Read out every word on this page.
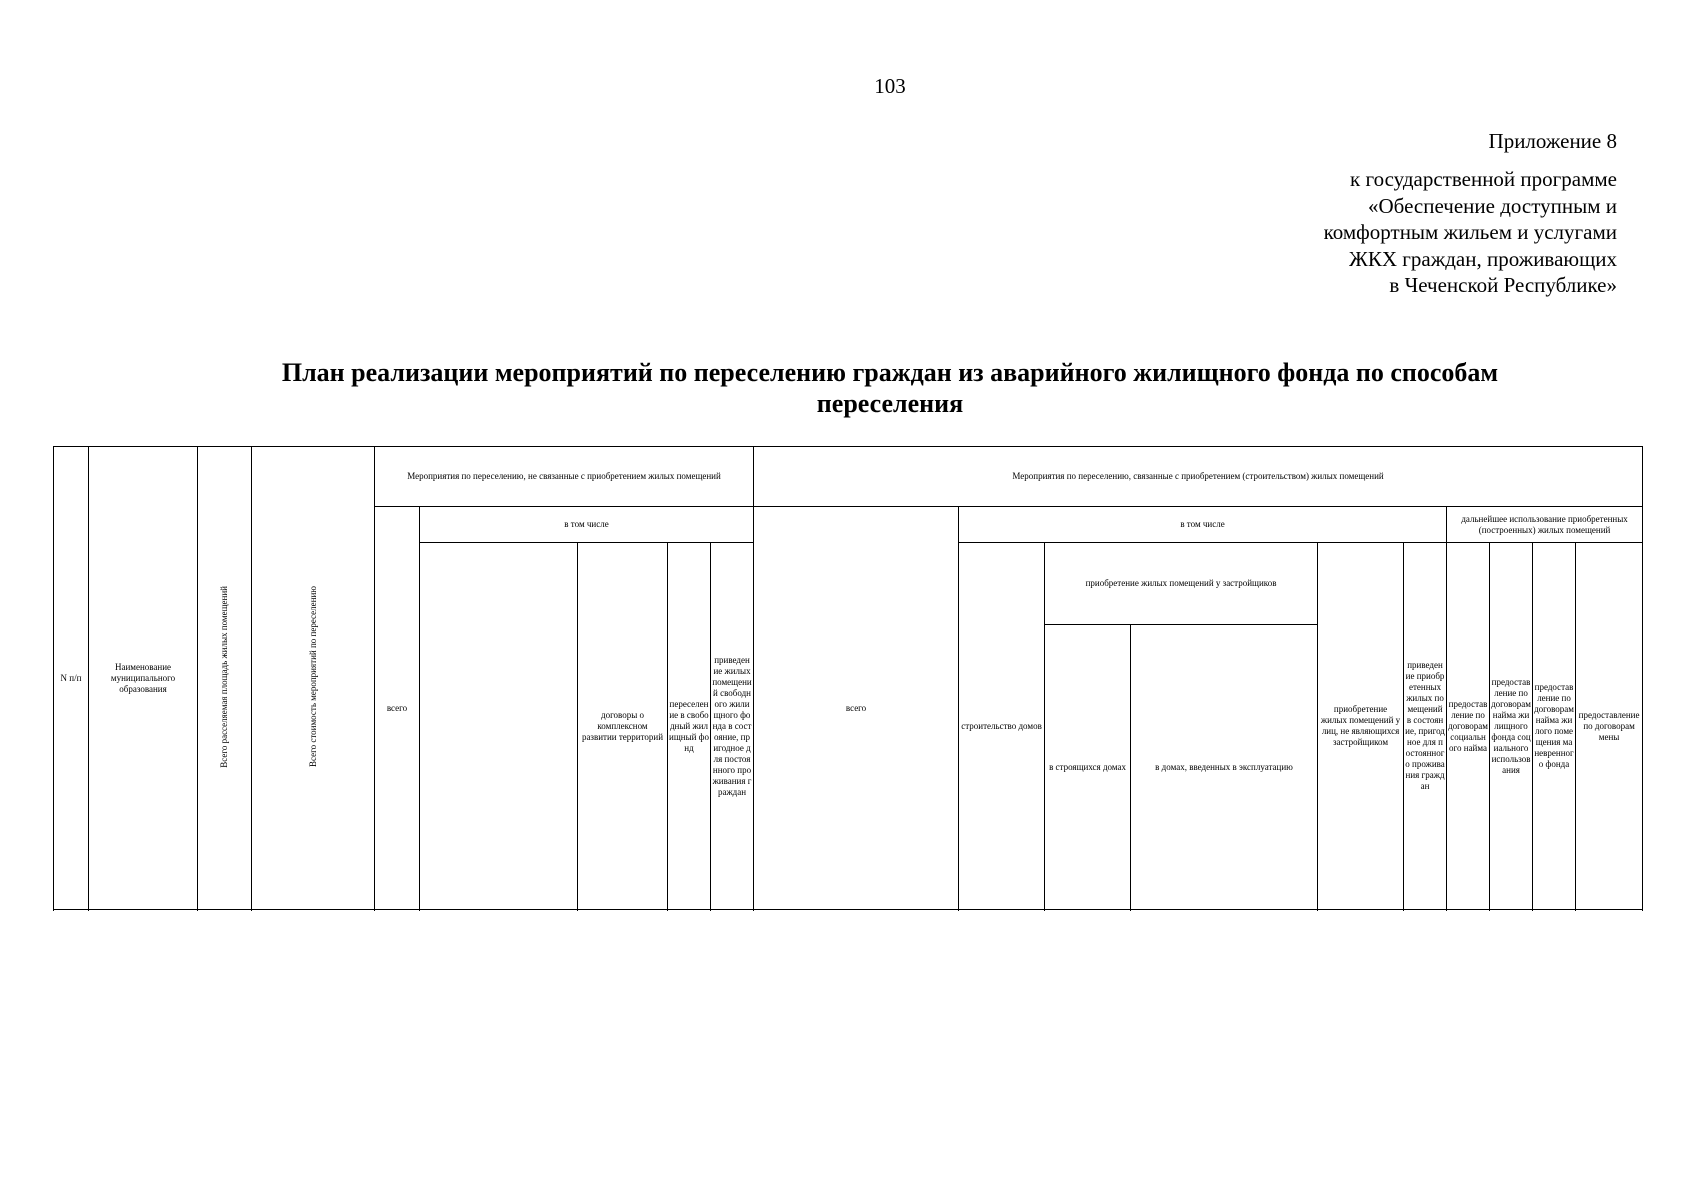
103
Приложение 8
к государственной программе
«Обеспечение доступным и
комфортным жильем и услугами
ЖКХ граждан, проживающих
в Чеченской Республике»
План реализации мероприятий по переселению граждан из аварийного жилищного фонда по способам
переселения
N п/п	Наименование муниципального образования	Всего расселяемая площадь жилых помещений	Всего стоимость мероприятий по переселению	Мероприятия по переселению, не связанные с приобретением жилых помещений					Мероприятия по переселению, связанные с приобретением (строительством) жилых помещений									
				всего	в том числе				всего	в том числе					дальнейшее использование приобретенных (построенных) жилых помещений			
						договоры о комплексном развитии территорий	переселение в свободный жилищный фонд	приведение жилых помещений свободного жилищного фонда в состояние, пригодное для постоянного проживания граждан		строительство домов	приобретение жилых помещений у застройщиков		приобретение жилых помещений у лиц, не являющихся застройщиком	приведение приобретенных жилых помещений в состояние, пригодное для постоянного проживания граждан	предоставление по договорам социального найма	предоставление по договорам найма жилищного фонда социального использования	предоставление по договорам найма жилого помещения маневренного фонда	предоставление по договорам мены
											в строящихся домах	в домах, введенных в эксплуатацию						
